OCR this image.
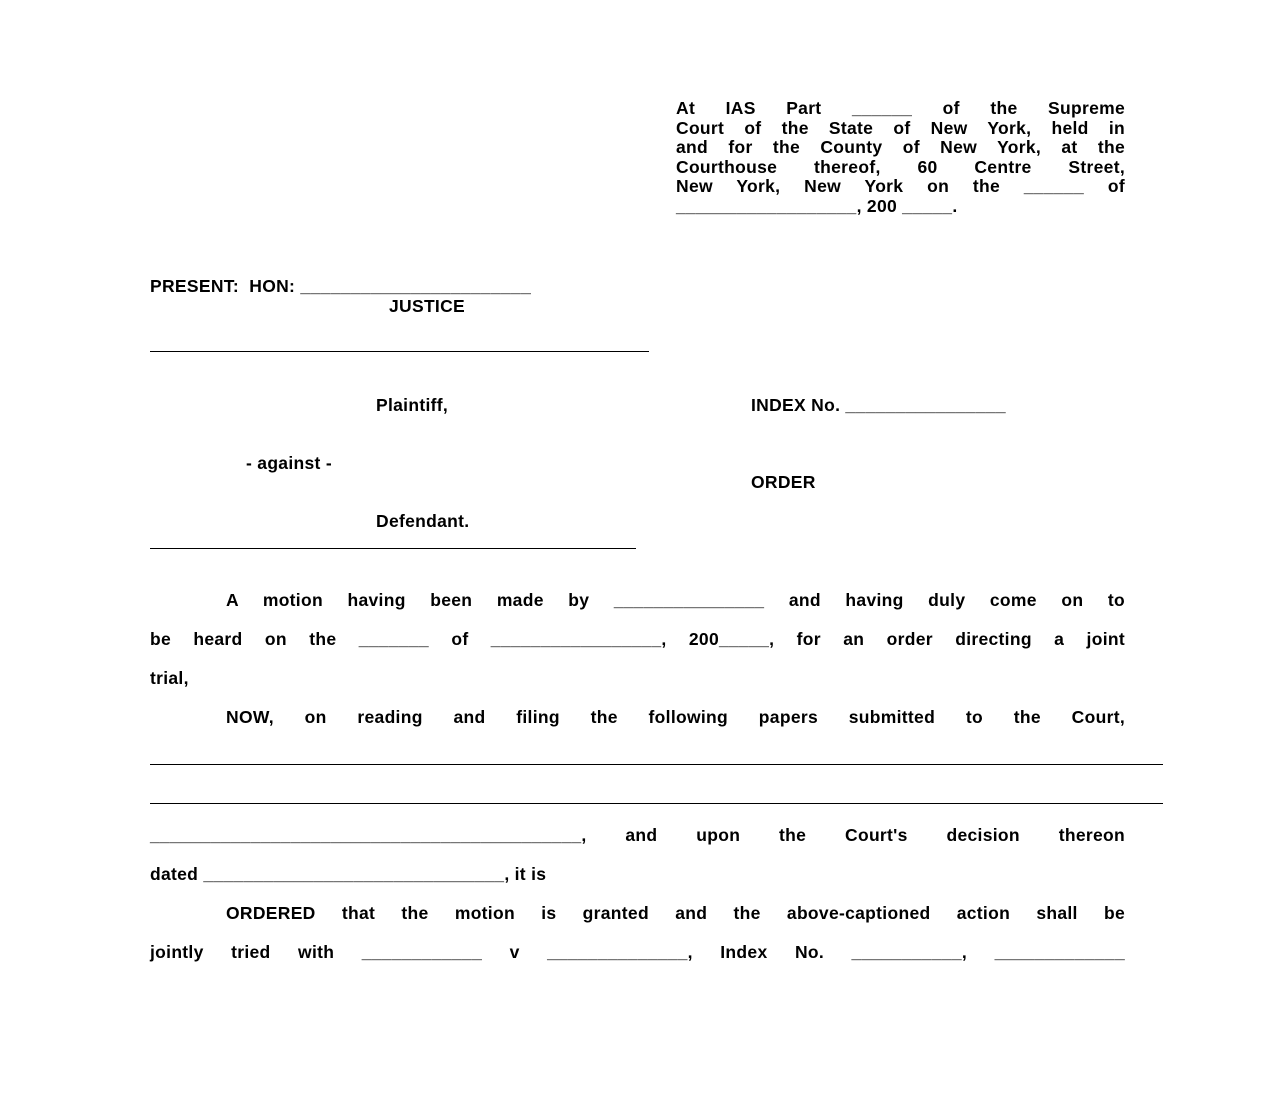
At IAS Part ______ of the Supreme
Court of the State of New York, held in
and for the County of New York, at the
Courthouse thereof, 60 Centre Street,
New York, New York on the ______ of
__________________, 200 _____.
PRESENT:  HON: _______________________
JUSTICE
Plaintiff,	INDEX No. ________________
- against -
ORDER
Defendant.
A motion having been made by _______________ and having duly come on to
be heard on the _______ of _________________, 200_____, for an order directing a joint
trial,
NOW, on reading and filing the following papers submitted to the Court,
___________________________________________, and upon the Court's decision thereon
dated ______________________________, it is
ORDERED that the motion is granted and the above-captioned action shall be
jointly tried with ____________ v ______________, Index No. ___________, _____________
